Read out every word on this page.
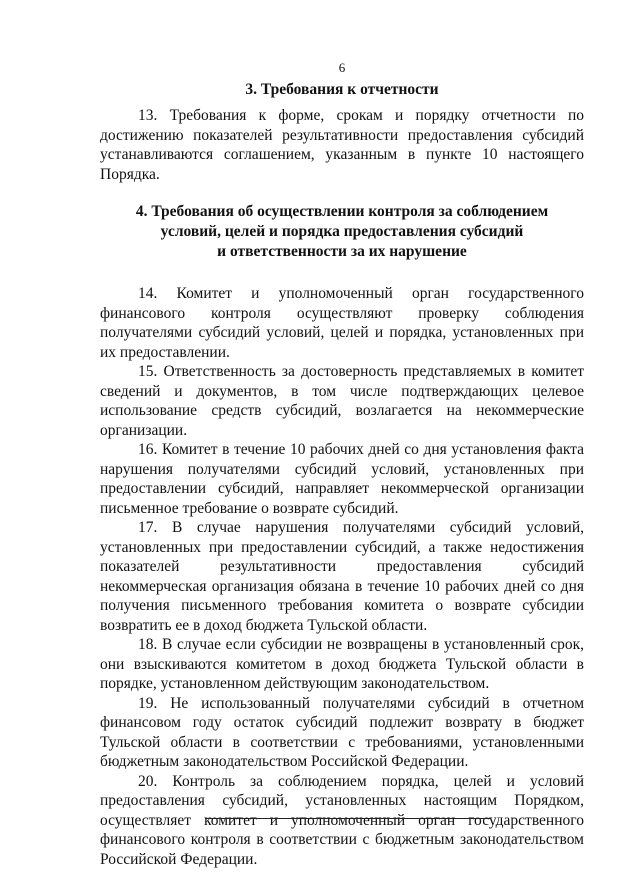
6
3. Требования к отчетности

13. Требования к форме, срокам и порядку отчетности по достижению показателей результативности предоставления субсидий устанавливаются соглашением, указанным в пункте 10 настоящего Порядка.

4. Требования об осуществлении контроля за соблюдением
условий, целей и порядка предоставления субсидий
и ответственности за их нарушение

14. Комитет и уполномоченный орган государственного финансового контроля осуществляют проверку соблюдения получателями субсидий условий, целей и порядка, установленных при их предоставлении.

15. Ответственность за достоверность представляемых в комитет сведений и документов, в том числе подтверждающих целевое использование средств субсидий, возлагается на некоммерческие организации.

16. Комитет в течение 10 рабочих дней со дня установления факта нарушения получателями субсидий условий, установленных при предоставлении субсидий, направляет некоммерческой организации письменное требование о возврате субсидий.

17. В случае нарушения получателями субсидий условий, установленных при предоставлении субсидий, а также недостижения показателей результативности предоставления субсидий некоммерческая организация обязана в течение 10 рабочих дней со дня получения письменного требования комитета о возврате субсидии возвратить ее в доход бюджета Тульской области.

18. В случае если субсидии не возвращены в установленный срок, они взыскиваются комитетом в доход бюджета Тульской области в порядке, установленном действующим законодательством.

19. Не использованный получателями субсидий в отчетном финансовом году остаток субсидий подлежит возврату в бюджет Тульской области в соответствии с требованиями, установленными бюджетным законодательством Российской Федерации.

20. Контроль за соблюдением порядка, целей и условий предоставления субсидий, установленных настоящим Порядком, осуществляет комитет и уполномоченный орган государственного финансового контроля в соответствии с бюджетным законодательством Российской Федерации.
